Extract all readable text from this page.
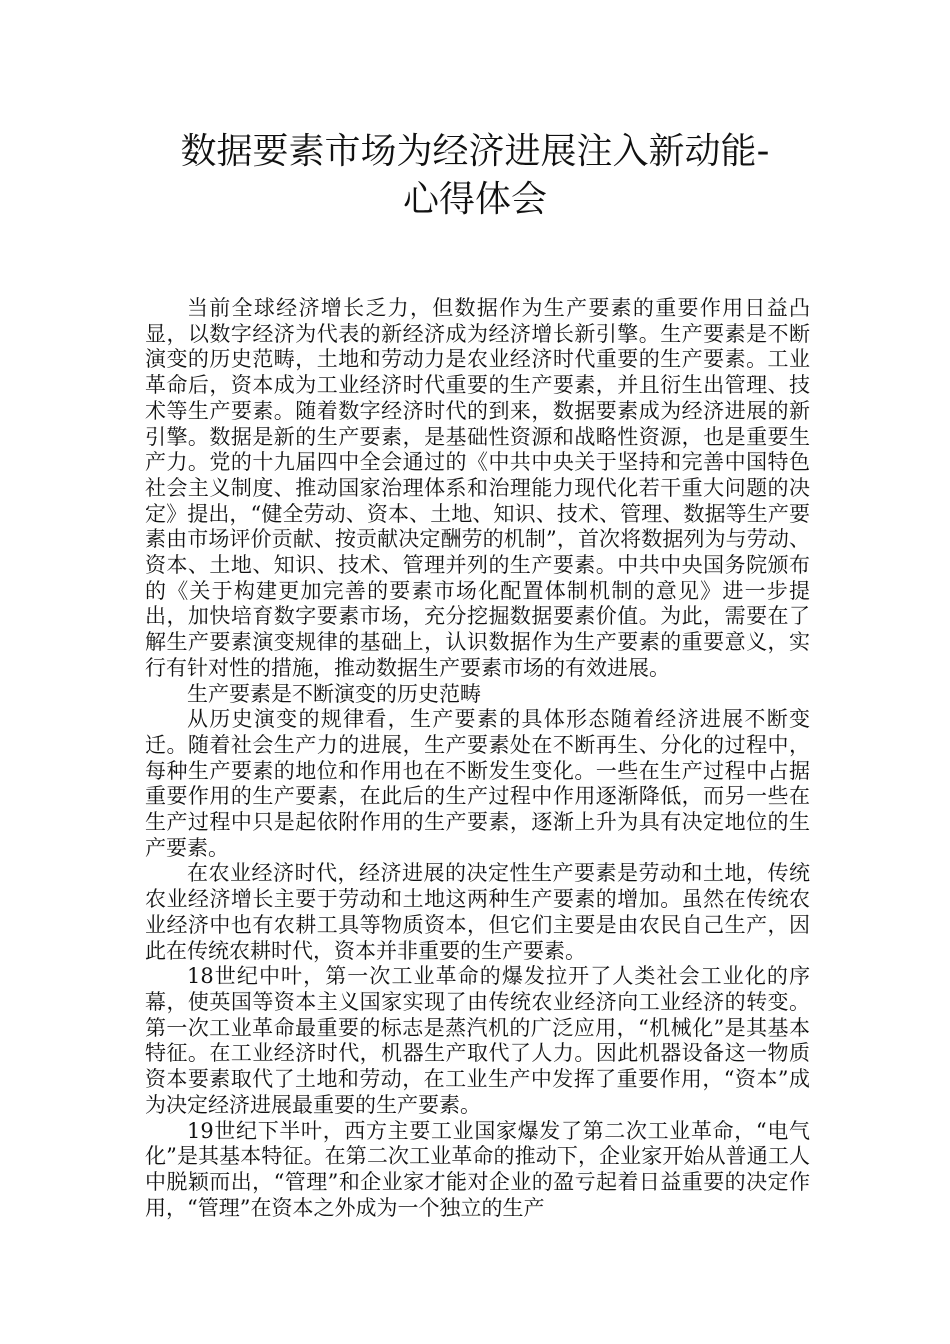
数据要素市场为经济进展注入新动能-
心得体会

当前全球经济增长乏力，但数据作为生产要素的重要作用日益凸显，以数字经济为代表的新经济成为经济增长新引擎。生产要素是不断演变的历史范畴，土地和劳动力是农业经济时代重要的生产要素。工业革命后，资本成为工业经济时代重要的生产要素，并且衍生出管理、技术等生产要素。随着数字经济时代的到来，数据要素成为经济进展的新引擎。数据是新的生产要素，是基础性资源和战略性资源，也是重要生产力。党的十九届四中全会通过的《中共中央关于坚持和完善中国特色社会主义制度、推动国家治理体系和治理能力现代化若干重大问题的决定》提出，“健全劳动、资本、土地、知识、技术、管理、数据等生产要素由市场评价贡献、按贡献决定酬劳的机制”，首次将数据列为与劳动、资本、土地、知识、技术、管理并列的生产要素。中共中央国务院颁布的《关于构建更加完善的要素市场化配置体制机制的意见》进一步提出，加快培育数字要素市场，充分挖掘数据要素价值。为此，需要在了解生产要素演变规律的基础上，认识数据作为生产要素的重要意义，实行有针对性的措施，推动数据生产要素市场的有效进展。

生产要素是不断演变的历史范畴

从历史演变的规律看，生产要素的具体形态随着经济进展不断变迁。随着社会生产力的进展，生产要素处在不断再生、分化的过程中，每种生产要素的地位和作用也在不断发生变化。一些在生产过程中占据重要作用的生产要素，在此后的生产过程中作用逐渐降低，而另一些在生产过程中只是起依附作用的生产要素，逐渐上升为具有决定地位的生产要素。

在农业经济时代，经济进展的决定性生产要素是劳动和土地，传统农业经济增长主要于劳动和土地这两种生产要素的增加。虽然在传统农业经济中也有农耕工具等物质资本，但它们主要是由农民自己生产，因此在传统农耕时代，资本并非重要的生产要素。

18世纪中叶，第一次工业革命的爆发拉开了人类社会工业化的序幕，使英国等资本主义国家实现了由传统农业经济向工业经济的转变。第一次工业革命最重要的标志是蒸汽机的广泛应用，“机械化”是其基本特征。在工业经济时代，机器生产取代了人力。因此机器设备这一物质资本要素取代了土地和劳动，在工业生产中发挥了重要作用，“资本”成为决定经济进展最重要的生产要素。

19世纪下半叶，西方主要工业国家爆发了第二次工业革命，“电气化”是其基本特征。在第二次工业革命的推动下，企业家开始从普通工人中脱颖而出，“管理”和企业家才能对企业的盈亏起着日益重要的决定作用，“管理”在资本之外成为一个独立的生产
